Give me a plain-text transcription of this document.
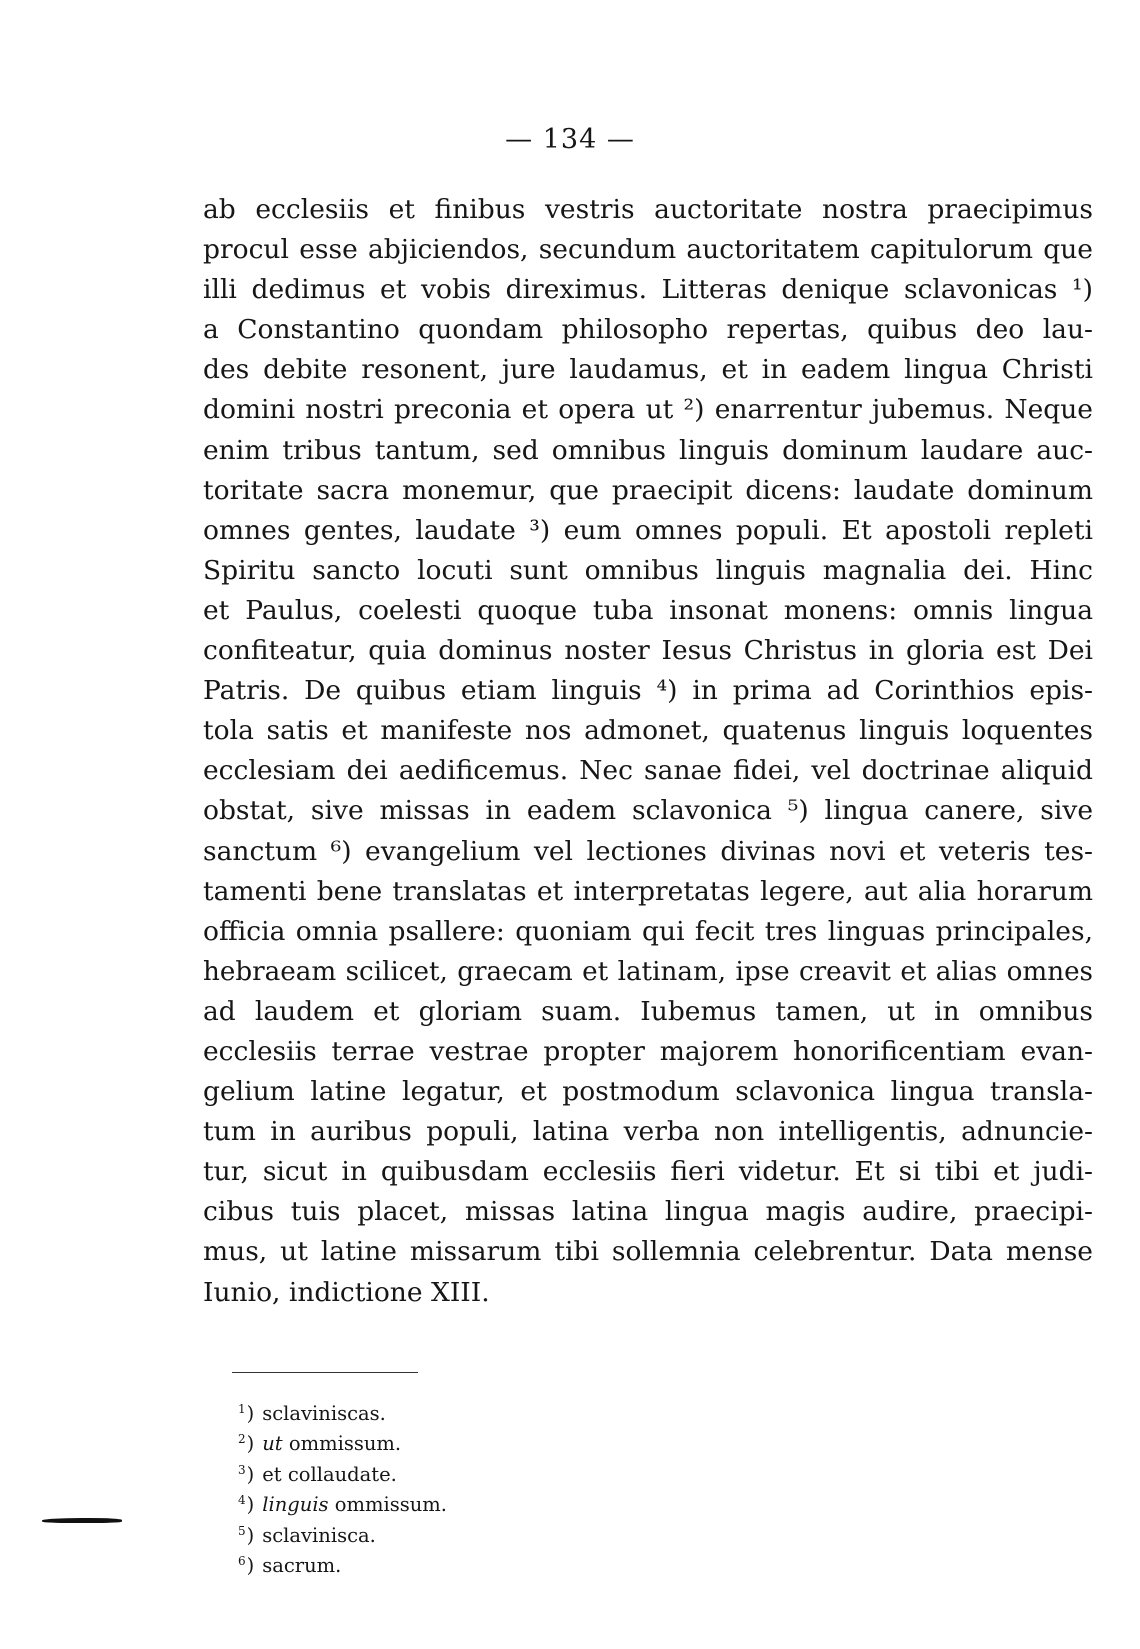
— 134 —
ab ecclesiis et finibus vestris auctoritate nostra praecipimus
procul esse abjiciendos, secundum auctoritatem capitulorum que
illi dedimus et vobis direximus. Litteras denique sclavonicas ¹)
a Constantino quondam philosopho repertas, quibus deo lau-
des debite resonent, jure laudamus, et in eadem lingua Christi
domini nostri preconia et opera ut ²) enarrentur jubemus. Neque
enim tribus tantum, sed omnibus linguis dominum laudare auc-
toritate sacra monemur, que praecipit dicens: laudate dominum
omnes gentes, laudate ³) eum omnes populi. Et apostoli repleti
Spiritu sancto locuti sunt omnibus linguis magnalia dei. Hinc
et Paulus, coelesti quoque tuba insonat monens: omnis lingua
confiteatur, quia dominus noster Iesus Christus in gloria est Dei
Patris. De quibus etiam linguis ⁴) in prima ad Corinthios epis-
tola satis et manifeste nos admonet, quatenus linguis loquentes
ecclesiam dei aedificemus. Nec sanae fidei, vel doctrinae aliquid
obstat, sive missas in eadem sclavonica ⁵) lingua canere, sive
sanctum ⁶) evangelium vel lectiones divinas novi et veteris tes-
tamenti bene translatas et interpretatas legere, aut alia horarum
officia omnia psallere: quoniam qui fecit tres linguas principales,
hebraeam scilicet, graecam et latinam, ipse creavit et alias omnes
ad laudem et gloriam suam. Iubemus tamen, ut in omnibus
ecclesiis terrae vestrae propter majorem honorificentiam evan-
gelium latine legatur, et postmodum sclavonica lingua transla-
tum in auribus populi, latina verba non intelligentis, adnuncie-
tur, sicut in quibusdam ecclesiis fieri videtur. Et si tibi et judi-
cibus tuis placet, missas latina lingua magis audire, praecipi-
mus, ut latine missarum tibi sollemnia celebrentur. Data mense
Iunio, indictione XIII.
$^1$) sclaviniscas.
$^2$) ut ommissum.
$^3$) et collaudate.
$^4$) linguis ommissum.
$^5$) sclaviniscа.
$^6$) sacrum.
